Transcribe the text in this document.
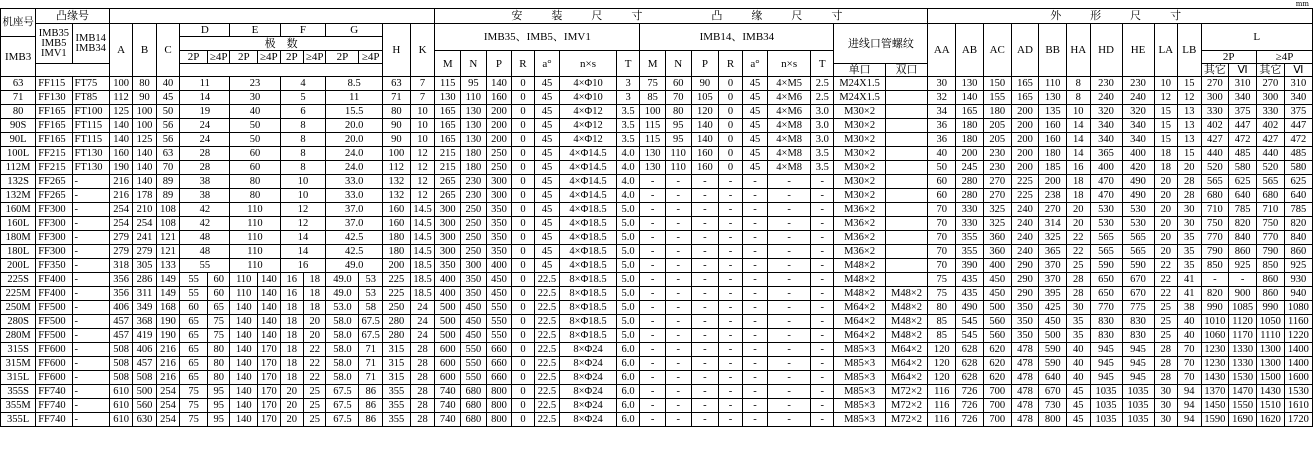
mm
机座号	凸缘号															安　装　尺　寸　　　 凸　缘　尺　寸																外　形　尺　寸													
	IMB35 IMB5 IMV1	IMB14 IMB34	A	B	C	D		E		F		G		H	K	IMB35、IMB5、IMV1							IMB14、IMB34							进线口管螺纹		AA	AB	AC	AD	BB	HA	HD	HE	LA	LB	L			
IMB3						极　数																																							
						2P	≥4P	2P	≥4P	2P	≥4P	2P	≥4P			M	N	P	R	a°	n×s	T	M	N	P	R	a°	n×s	T													2P		≥4P	
																														单口	双口											其它	Ⅵ	其它	Ⅵ
63	FF115	FT75	100	80	40	11		23		4		8.5		63	7	115	95	140	0	45	4×Φ10	3	75	60	90	0	45	4×M5	2.5	M24X1.5		30	130	150	165	110	8	230	230	10	15	270	310	270	310
71	FF130	FT85	112	90	45	14		30		5		11		71	7	130	110	160	0	45	4×Φ10	3	85	70	105	0	45	4×M6	2.5	M24X1.5		32	140	155	165	130	8	240	240	12	12	300	340	300	340
80	FF165	FT100	125	100	50	19		40		6		15.5		80	10	165	130	200	0	45	4×Φ12	3.5	100	80	120	0	45	4×M6	3.0	M30×2		34	165	180	200	135	10	320	320	15	13	330	375	330	375
90S	FF165	FT115	140	100	56	24		50		8		20.0		90	10	165	130	200	0	45	4×Φ12	3.5	115	95	140	0	45	4×M8	3.0	M30×2		36	180	205	200	160	14	340	340	15	13	402	447	402	447
90L	FF165	FT115	140	125	56	24		50		8		20.0		90	10	165	130	200	0	45	4×Φ12	3.5	115	95	140	0	45	4×M8	3.0	M30×2		36	180	205	200	160	14	340	340	15	13	427	472	427	472
100L	FF215	FT130	160	140	63	28		60		8		24.0		100	12	215	180	250	0	45	4×Φ14.5	4.0	130	110	160	0	45	4×M8	3.5	M30×2		40	200	230	200	180	14	365	400	18	15	440	485	440	485
112M	FF215	FT130	190	140	70	28		60		8		24.0		112	12	215	180	250	0	45	4×Φ14.5	4.0	130	110	160	0	45	4×M8	3.5	M30×2		50	245	230	200	185	16	400	420	18	20	520	580	520	580
132S	FF265	-	216	140	89	38		80		10		33.0		132	12	265	230	300	0	45	4×Φ14.5	4.0	-	-	-	-	-	-	-	M30×2		60	280	270	225	200	18	470	490	20	28	565	625	565	625
132M	FF265	-	216	178	89	38		80		10		33.0		132	12	265	230	300	0	45	4×Φ14.5	4.0	-	-	-	-	-	-	-	M30×2		60	280	270	225	238	18	470	490	20	28	680	640	680	640
160M	FF300	-	254	210	108	42		110		12		37.0		160	14.5	300	250	350	0	45	4×Φ18.5	5.0	-	-	-	-	-	-	-	M36×2		70	330	325	240	270	20	530	530	20	30	710	785	710	785
160L	FF300	-	254	254	108	42		110		12		37.0		160	14.5	300	250	350	0	45	4×Φ18.5	5.0	-	-	-	-	-	-	-	M36×2		70	330	325	240	314	20	530	530	20	30	750	820	750	820
180M	FF300	-	279	241	121	48		110		14		42.5		180	14.5	300	250	350	0	45	4×Φ18.5	5.0	-	-	-	-	-	-	-	M36×2		70	355	360	240	325	22	565	565	20	35	770	840	770	840
180L	FF300	-	279	279	121	48		110		14		42.5		180	14.5	300	250	350	0	45	4×Φ18.5	5.0	-	-	-	-	-	-	-	M36×2		70	355	360	240	365	22	565	565	20	35	790	860	790	860
200L	FF350	-	318	305	133	55		110		16		49.0		200	18.5	350	300	400	0	45	4×Φ18.5	5.0	-	-	-	-	-	-	-	M48×2		70	390	400	290	370	25	590	590	22	35	850	925	850	925
225S	FF400	-	356	286	149	55	60	110	140	16	18	49.0	53	225	18.5	400	350	450	0	22.5	8×Φ18.5	5.0	-	-	-	-	-	-	-	M48×2		75	435	450	290	370	28	650	670	22	41	-	-	860	930
225M	FF400	-	356	311	149	55	60	110	140	16	18	49.0	53	225	18.5	400	350	450	0	22.5	8×Φ18.5	5.0	-	-	-	-	-	-	-	M48×2	M48×2	75	435	450	290	395	28	650	670	22	41	820	900	860	940
250M	FF500	-	406	349	168	60	65	140	140	18	18	53.0	58	250	24	500	450	550	0	22.5	8×Φ18.5	5.0	-	-	-	-	-	-	-	M64×2	M48×2	80	490	500	350	425	30	770	775	25	38	990	1085	990	1080
280S	FF500	-	457	368	190	65	75	140	140	18	20	58.0	67.5	280	24	500	450	550	0	22.5	8×Φ18.5	5.0	-	-	-	-	-	-	-	M64×2	M48×2	85	545	560	350	450	35	830	830	25	40	1010	1120	1050	1160
280M	FF500	-	457	419	190	65	75	140	140	18	20	58.0	67.5	280	24	500	450	550	0	22.5	8×Φ18.5	5.0	-	-	-	-	-	-	-	M64×2	M48×2	85	545	560	350	500	35	830	830	25	40	1060	1170	1110	1220
315S	FF600	-	508	406	216	65	80	140	170	18	22	58.0	71	315	28	600	550	660	0	22.5	8×Φ24	6.0	-	-	-	-	-	-	-	M85×3	M64×2	120	628	620	478	590	40	945	945	28	70	1230	1330	1300	1400
315M	FF600	-	508	457	216	65	80	140	170	18	22	58.0	71	315	28	600	550	660	0	22.5	8×Φ24	6.0	-	-	-	-	-	-	-	M85×3	M64×2	120	628	620	478	590	40	945	945	28	70	1230	1330	1300	1400
315L	FF600	-	508	508	216	65	80	140	170	18	22	58.0	71	315	28	600	550	660	0	22.5	8×Φ24	6.0	-	-	-	-	-	-	-	M85×3	M64×2	120	628	620	478	640	40	945	945	28	70	1430	1530	1500	1600
355S	FF740	-	610	500	254	75	95	140	170	20	25	67.5	86	355	28	740	680	800	0	22.5	8×Φ24	6.0	-	-	-	-	-	-	-	M85×3	M72×2	116	726	700	478	670	45	1035	1035	30	94	1370	1470	1430	1530
355M	FF740	-	610	560	254	75	95	140	170	20	25	67.5	86	355	28	740	680	800	0	22.5	8×Φ24	6.0	-	-	-	-	-	-	-	M85×3	M72×2	116	726	700	478	730	45	1035	1035	30	94	1450	1550	1510	1610
355L	FF740	-	610	630	254	75	95	140	170	20	25	67.5	86	355	28	740	680	800	0	22.5	8×Φ24	6.0	-	-	-	-	-	-	-	M85×3	M72×2	116	726	700	478	800	45	1035	1035	30	94	1590	1690	1620	1720
